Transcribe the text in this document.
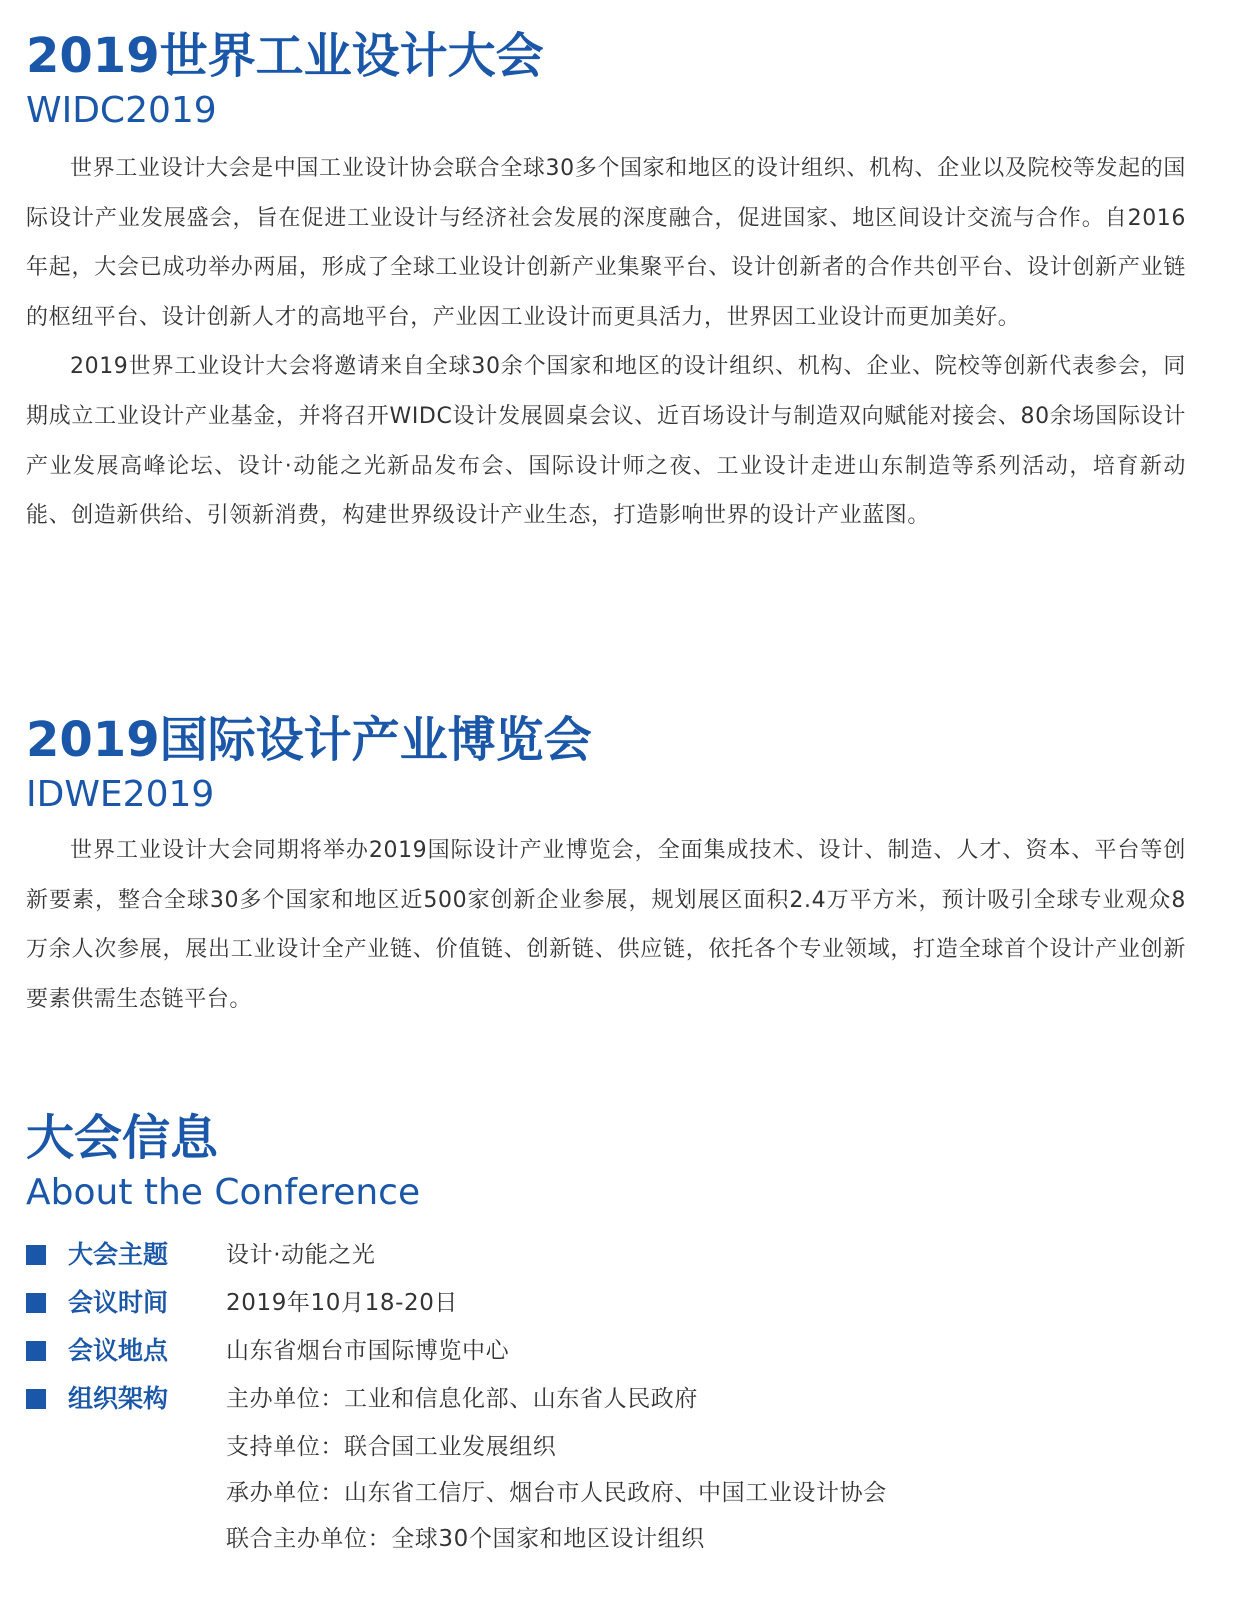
2019世界工业设计大会
WIDC2019

世界工业设计大会是中国工业设计协会联合全球30多个国家和地区的设计组织、机构、企业以及院校等发起的国际设计产业发展盛会，旨在促进工业设计与经济社会发展的深度融合，促进国家、地区间设计交流与合作。自2016年起，大会已成功举办两届，形成了全球工业设计创新产业集聚平台、设计创新者的合作共创平台、设计创新产业链的枢纽平台、设计创新人才的高地平台，产业因工业设计而更具活力，世界因工业设计而更加美好。

2019世界工业设计大会将邀请来自全球30余个国家和地区的设计组织、机构、企业、院校等创新代表参会，同期成立工业设计产业基金，并将召开WIDC设计发展圆桌会议、近百场设计与制造双向赋能对接会、80余场国际设计产业发展高峰论坛、设计·动能之光新品发布会、国际设计师之夜、工业设计走进山东制造等系列活动，培育新动能、创造新供给、引领新消费，构建世界级设计产业生态，打造影响世界的设计产业蓝图。

2019国际设计产业博览会
IDWE2019

世界工业设计大会同期将举办2019国际设计产业博览会，全面集成技术、设计、制造、人才、资本、平台等创新要素，整合全球30多个国家和地区近500家创新企业参展，规划展区面积2.4万平方米，预计吸引全球专业观众8万余人次参展，展出工业设计全产业链、价值链、创新链、供应链，依托各个专业领域，打造全球首个设计产业创新要素供需生态链平台。

大会信息
About the Conference
大会主题	设计·动能之光
会议时间	2019年10月18-20日
会议地点	山东省烟台市国际博览中心
组织架构	主办单位：工业和信息化部、山东省人民政府
支持单位：联合国工业发展组织
承办单位：山东省工信厅、烟台市人民政府、中国工业设计协会
联合主办单位：全球30个国家和地区设计组织
